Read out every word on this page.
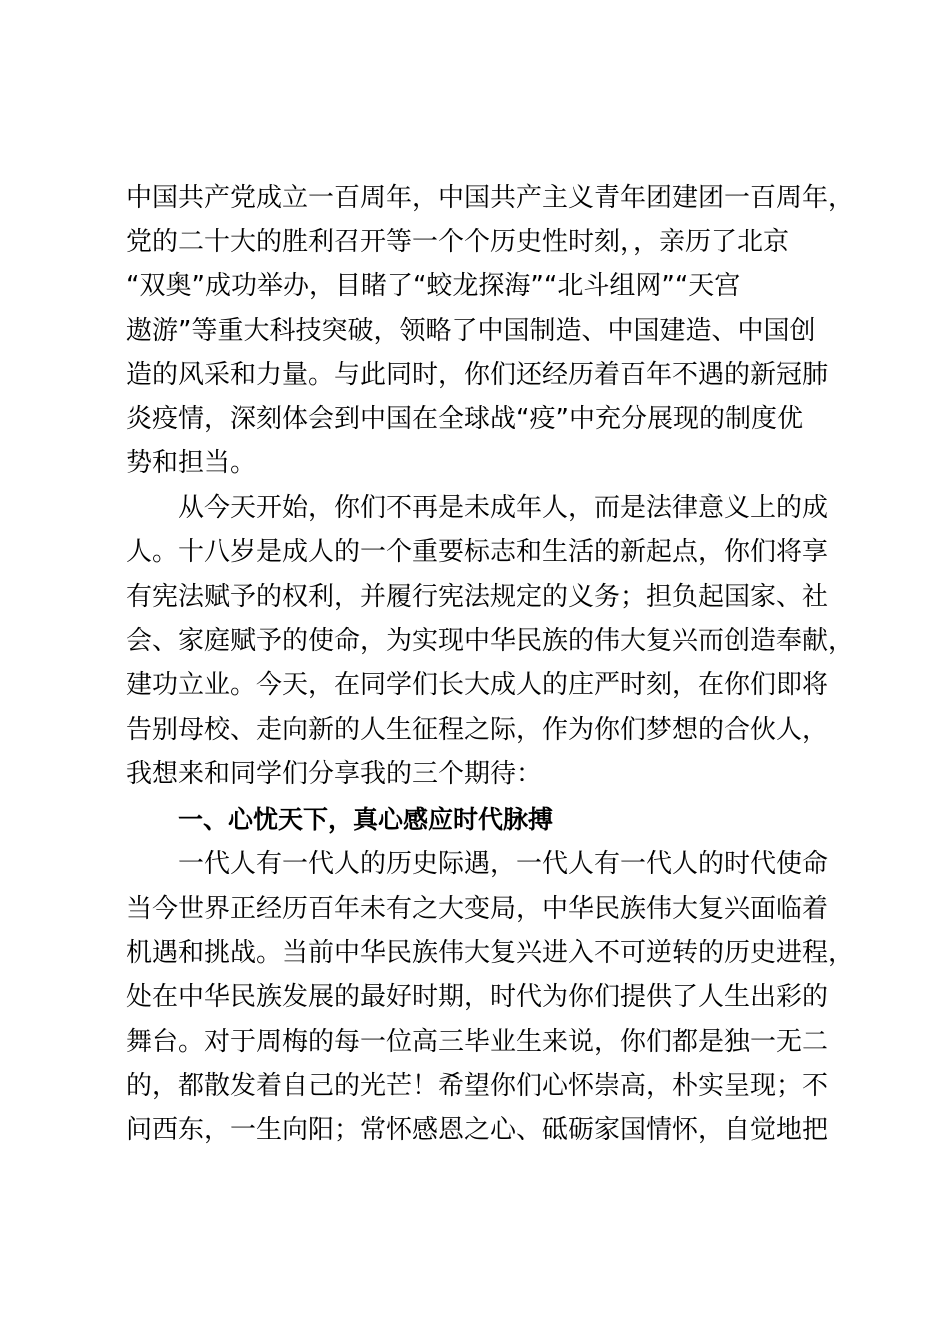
中国共产党成立一百周年，中国共产主义青年团建团一百周年，
党的二十大的胜利召开等一个个历史性时刻，，亲历了北京
“双奥”成功举办，目睹了“蛟龙探海”“北斗组网”“天宫
遨游”等重大科技突破，领略了中国制造、中国建造、中国创
造的风采和力量。与此同时，你们还经历着百年不遇的新冠肺
炎疫情，深刻体会到中国在全球战“疫”中充分展现的制度优
势和担当。
从今天开始，你们不再是未成年人，而是法律意义上的成
人。十八岁是成人的一个重要标志和生活的新起点，你们将享
有宪法赋予的权利，并履行宪法规定的义务；担负起国家、社
会、家庭赋予的使命，为实现中华民族的伟大复兴而创造奉献，
建功立业。今天，在同学们长大成人的庄严时刻，在你们即将
告别母校、走向新的人生征程之际，作为你们梦想的合伙人，
我想来和同学们分享我的三个期待：
一、心忧天下，真心感应时代脉搏
一代人有一代人的历史际遇，一代人有一代人的时代使命
当今世界正经历百年未有之大变局，中华民族伟大复兴面临着
机遇和挑战。当前中华民族伟大复兴进入不可逆转的历史进程，
处在中华民族发展的最好时期，时代为你们提供了人生出彩的
舞台。对于周梅的每一位高三毕业生来说，你们都是独一无二
的，都散发着自己的光芒！希望你们心怀崇高，朴实呈现；不
问西东，一生向阳；常怀感恩之心、砥砺家国情怀，自觉地把
